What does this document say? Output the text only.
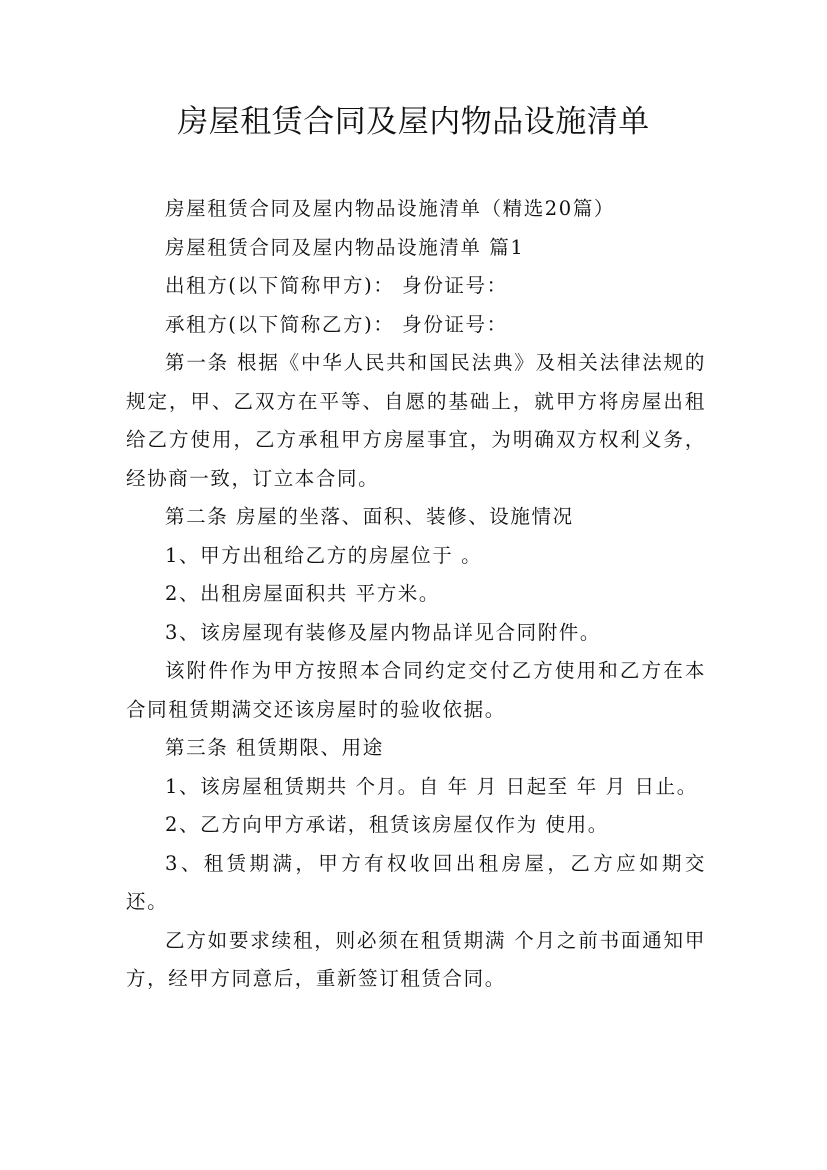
房屋租赁合同及屋内物品设施清单

房屋租赁合同及屋内物品设施清单（精选20篇）

房屋租赁合同及屋内物品设施清单 篇1

出租方(以下简称甲方)： 身份证号：

承租方(以下简称乙方)： 身份证号：

第一条 根据《中华人民共和国民法典》及相关法律法规的规定，甲、乙双方在平等、自愿的基础上，就甲方将房屋出租给乙方使用，乙方承租甲方房屋事宜，为明确双方权利义务，经协商一致，订立本合同。

第二条 房屋的坐落、面积、装修、设施情况

1、甲方出租给乙方的房屋位于 。

2、出租房屋面积共 平方米。

3、该房屋现有装修及屋内物品详见合同附件。

该附件作为甲方按照本合同约定交付乙方使用和乙方在本合同租赁期满交还该房屋时的验收依据。

第三条 租赁期限、用途

1、该房屋租赁期共 个月。自 年 月 日起至 年 月 日止。

2、乙方向甲方承诺，租赁该房屋仅作为 使用。

3、租赁期满，甲方有权收回出租房屋，乙方应如期交还。

乙方如要求续租，则必须在租赁期满 个月之前书面通知甲方，经甲方同意后，重新签订租赁合同。
